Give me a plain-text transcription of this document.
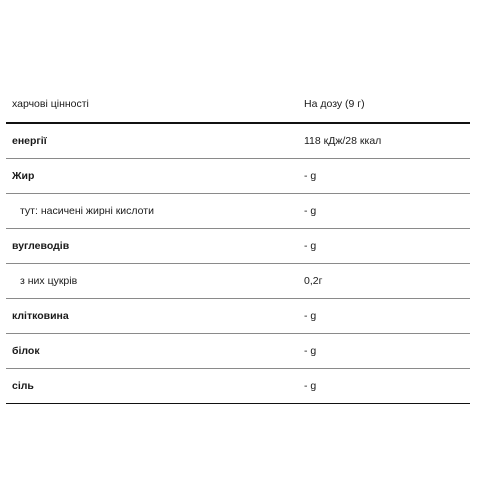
харчові цінності	На дозу (9 г)
енергії	118 кДж/28 ккал
Жир	- g
тут: насичені жирні кислоти	- g
вуглеводів	- g
з них цукрів	0,2г
клітковина	- g
білок	- g
сіль	- g
